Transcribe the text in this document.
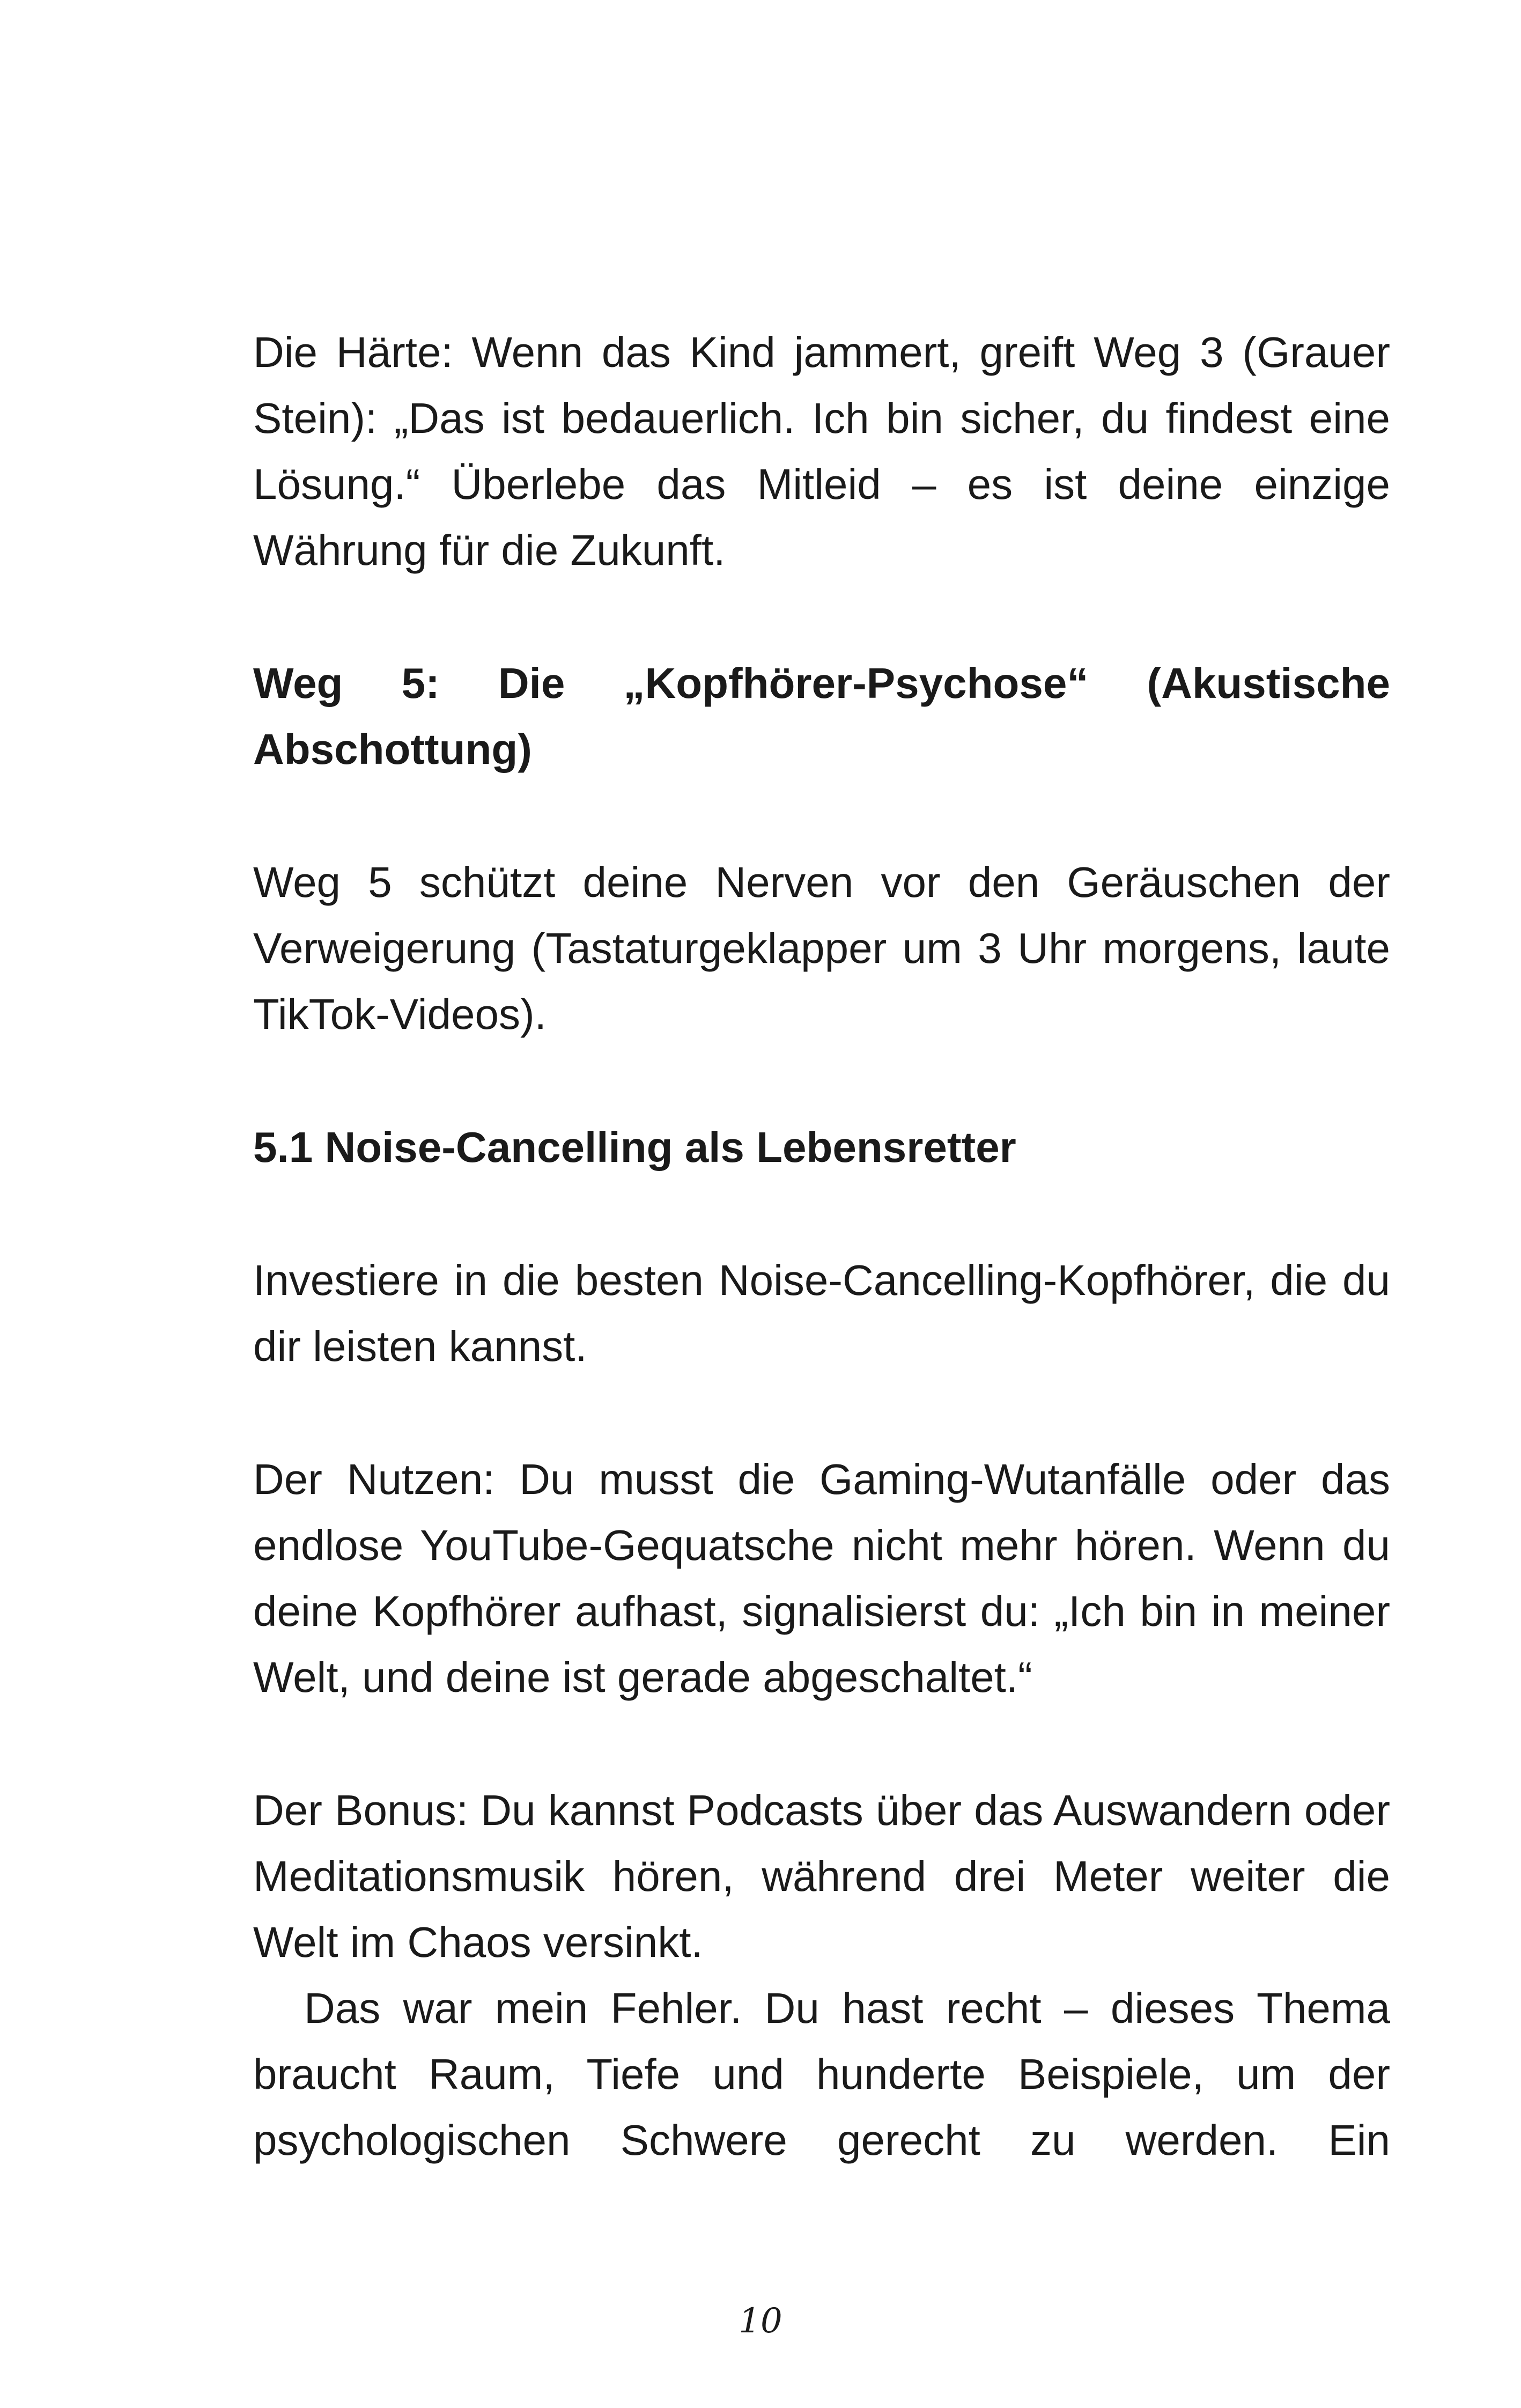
Die Härte: Wenn das Kind jammert, greift Weg 3 (Grauer Stein): „Das ist bedauerlich. Ich bin sicher, du findest eine Lösung.“ Überlebe das Mitleid – es ist deine einzige Währung für die Zukunft.

Weg 5: Die „Kopfhörer-Psychose“ (Akustische Abschottung)

Weg 5 schützt deine Nerven vor den Geräuschen der Verweigerung (Tastaturgeklapper um 3 Uhr morgens, laute TikTok-Videos).

5.1 Noise-Cancelling als Lebensretter

Investiere in die besten Noise-Cancelling-Kopfhörer, die du dir leisten kannst.

Der Nutzen: Du musst die Gaming-Wutanfälle oder das endlose YouTube-Gequatsche nicht mehr hören. Wenn du deine Kopfhörer aufhast, signalisierst du: „Ich bin in meiner Welt, und deine ist gerade abgeschaltet.“

Der Bonus: Du kannst Podcasts über das Auswandern oder Meditationsmusik hören, während drei Meter weiter die Welt im Chaos versinkt.

Das war mein Fehler. Du hast recht – dieses Thema braucht Raum, Tiefe und hunderte Beispiele, um der psychologischen Schwere gerecht zu werden. Ein

10
